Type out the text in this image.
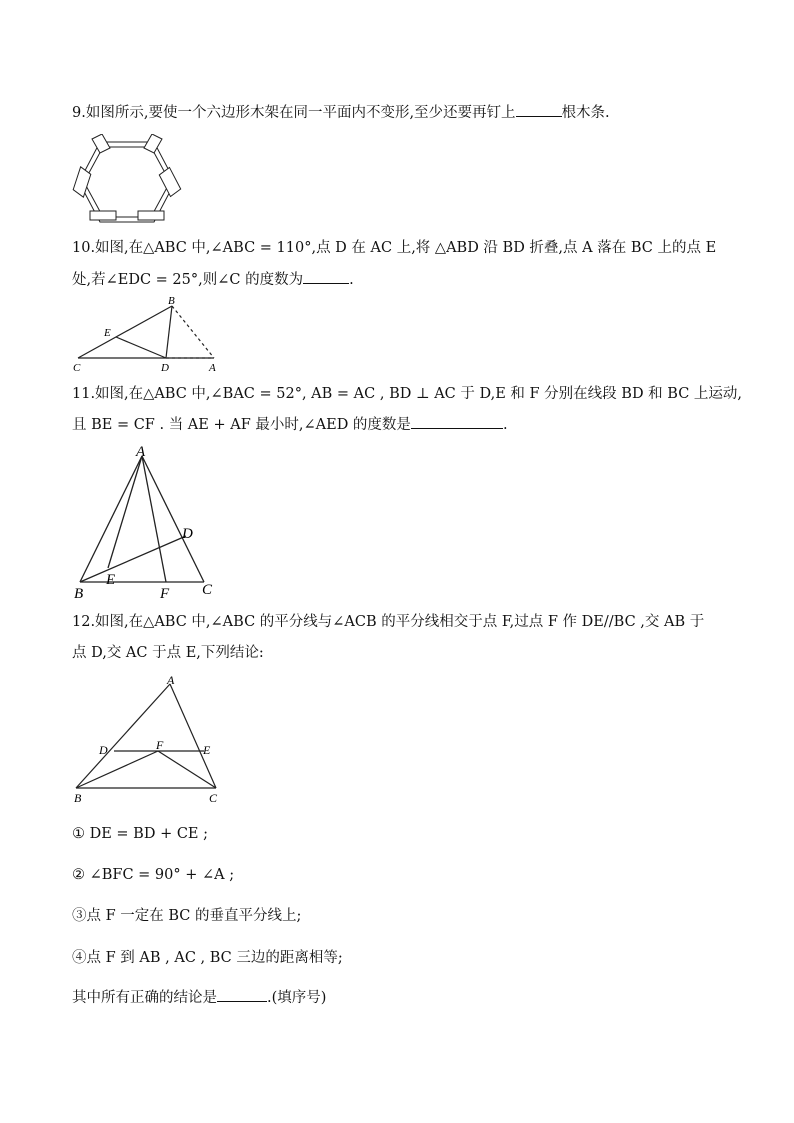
9.如图所示,要使一个六边形木架在同一平面内不变形,至少还要再钉上	根木条.
10.如图,在△ABC 中,∠ABC = 110°,点 D 在 AC 上,将 △ABD 沿 BD 折叠,点 A 落在 BC 上的点 E
处,若∠EDC = 25°,则∠C 的度数为	.
B
E
C	D	A
11.如图,在△ABC 中,∠BAC = 52°, AB = AC , BD ⊥ AC 于 D,E 和 F 分别在线段 BD 和 BC 上运动,
且 BE = CF . 当 AE + AF 最小时,∠AED 的度数是	.
A
D
B
E
F C
12.如图,在△ABC 中,∠ABC 的平分线与∠ACB 的平分线相交于点 F,过点 F 作 DE//BC ,交 AB 于
点 D,交 AC 于点 E,下列结论:
A
D	F	E
B	C
① DE = BD + CE ;
② ∠BFC = 90° + ∠A ;
③点 F 一定在 BC 的垂直平分线上;
④点 F 到 AB , AC , BC 三边的距离相等;
其中所有正确的结论是	.(填序号)
